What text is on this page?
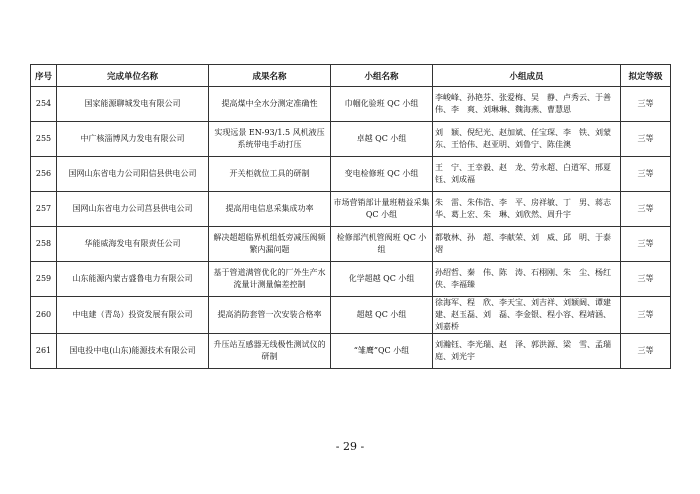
序号	完成单位名称	成果名称	小组名称	小组成员	拟定等级
254	国家能源聊城发电有限公司	提高煤中全水分测定准确性	巾帼化验班 QC 小组	李峻峰、孙艳芬、张爱梅、吴　静、卢秀云、于善伟、李　爽、刘琳琳、魏海燕、曹慧恩	三等
255	中广核淄博风力发电有限公司	实现远景 EN-93/1.5 风机液压系统带电手动打压	卓越 QC 小组	刘　颖、倪纪光、赵加斌、任宝琛、李　铁、刘蒙东、王恰伟、赵亚明、刘鲁宁、陈佳澳	三等
256	国网山东省电力公司阳信县供电公司	开关柜就位工具的研制	变电检修班 QC 小组	王　宁、王幸毅、赵　龙、劳永超、白道军、邢夏钰、刘成福	三等
257	国网山东省电力公司莒县供电公司	提高用电信息采集成功率	市场营销部计量班精益采集 QC 小组	朱　雷、朱伟浩、李　平、房祥敏、丁　男、蒋志华、葛上宏、朱　琳、刘欣然、周升宇	三等
258	华能威海发电有限责任公司	解决超超临界机组低旁减压阀频繁内漏问题	检修部汽机管阀班 QC 小组	都敬林、孙　超、李献荣、刘　威、邱　明、于泰熠	三等
259	山东能源内蒙古盛鲁电力有限公司	基于管道满管优化的厂外生产水流量计测量偏差控制	化学超越 QC 小组	孙绍哲、秦　伟、陈　涛、石栩刚、朱　尘、杨红侠、李福臻	三等
260	中电建（青岛）投资发展有限公司	提高消防套管一次安装合格率	超越 QC 小组	徐海军、程　欣、李天宝、刘吉祥、刘颖阔、谭建建、赵玉磊、刘　磊、李金银、程小容、程靖涵、刘嘉桥	三等
261	国电投中电(山东)能源技术有限公司	升压站互感器无线极性测试仪的研制	“雏鹰”QC 小组	刘瀚钰、李光瑞、赵　泽、郭洪源、梁　雪、孟瑞庭、刘光宇	三等
- 29 -
